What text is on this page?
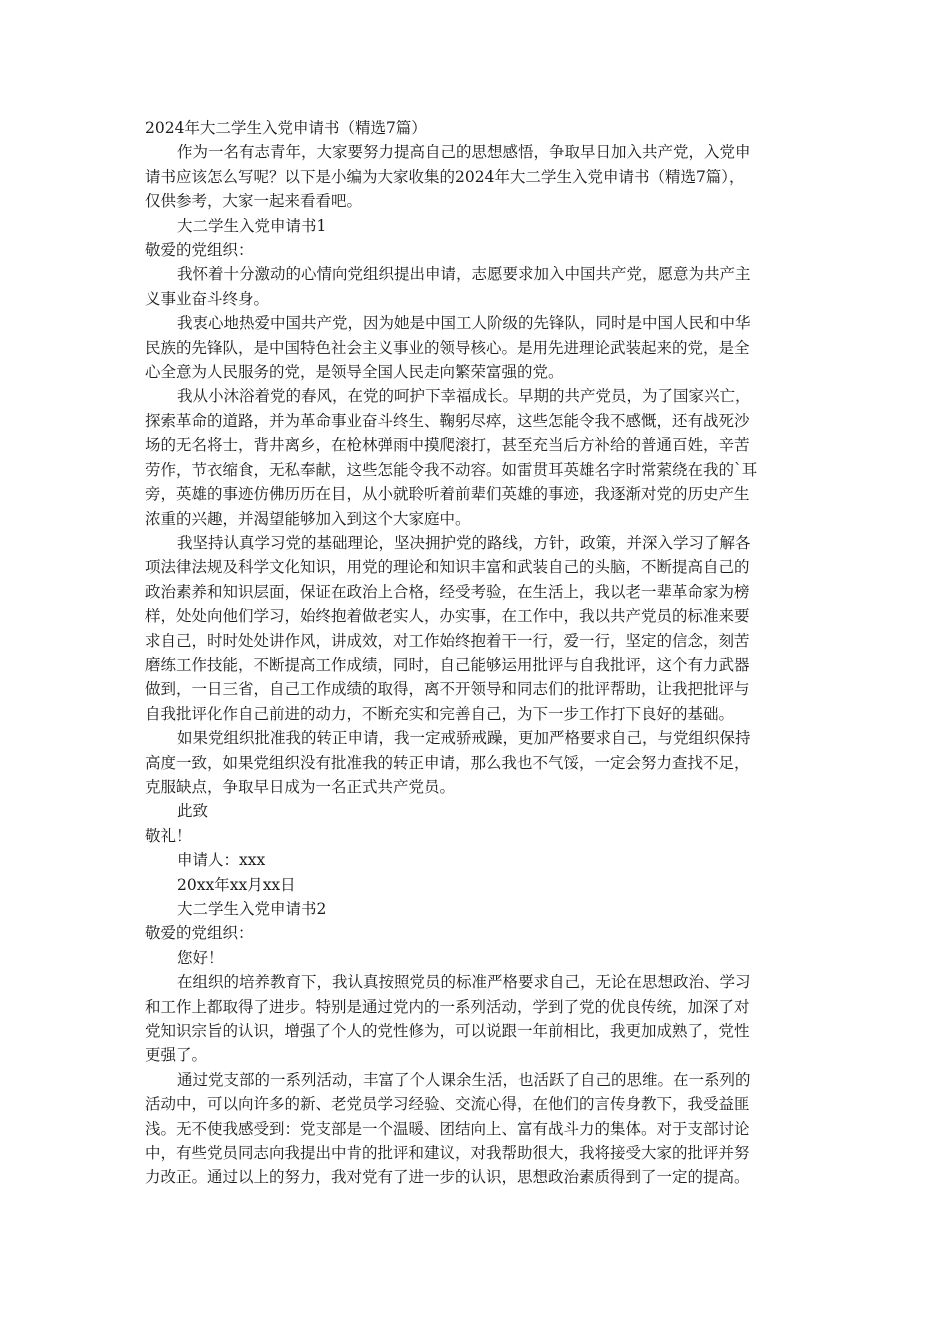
2024年大二学生入党申请书（精选7篇）

作为一名有志青年，大家要努力提高自己的思想感悟，争取早日加入共产党，入党申

请书应该怎么写呢？以下是小编为大家收集的2024年大二学生入党申请书（精选7篇），

仅供参考，大家一起来看看吧。

大二学生入党申请书1

敬爱的党组织：

我怀着十分激动的心情向党组织提出申请，志愿要求加入中国共产党，愿意为共产主

义事业奋斗终身。

我衷心地热爱中国共产党，因为她是中国工人阶级的先锋队，同时是中国人民和中华

民族的先锋队，是中国特色社会主义事业的领导核心。是用先进理论武装起来的党，是全

心全意为人民服务的党，是领导全国人民走向繁荣富强的党。

我从小沐浴着党的春风，在党的呵护下幸福成长。早期的共产党员，为了国家兴亡，

探索革命的道路，并为革命事业奋斗终生、鞠躬尽瘁，这些怎能令我不感慨，还有战死沙

场的无名将士，背井离乡，在枪林弹雨中摸爬滚打，甚至充当后方补给的普通百姓，辛苦

劳作，节衣缩食，无私奉献，这些怎能令我不动容。如雷贯耳英雄名字时常萦绕在我的`耳

旁，英雄的事迹仿佛历历在目，从小就聆听着前辈们英雄的事迹，我逐渐对党的历史产生

浓重的兴趣，并渴望能够加入到这个大家庭中。

我坚持认真学习党的基础理论，坚决拥护党的路线，方针，政策，并深入学习了解各

项法律法规及科学文化知识，用党的理论和知识丰富和武装自己的头脑，不断提高自己的

政治素养和知识层面，保证在政治上合格，经受考验，在生活上，我以老一辈革命家为榜

样，处处向他们学习，始终抱着做老实人，办实事，在工作中，我以共产党员的标准来要

求自己，时时处处讲作风，讲成效，对工作始终抱着干一行，爱一行，坚定的信念，刻苦

磨练工作技能，不断提高工作成绩，同时，自己能够运用批评与自我批评，这个有力武器

做到，一日三省，自己工作成绩的取得，离不开领导和同志们的批评帮助，让我把批评与

自我批评化作自己前进的动力，不断充实和完善自己，为下一步工作打下良好的基础。

如果党组织批准我的转正申请，我一定戒骄戒躁，更加严格要求自己，与党组织保持

高度一致，如果党组织没有批准我的转正申请，那么我也不气馁，一定会努力查找不足，

克服缺点，争取早日成为一名正式共产党员。

此致

敬礼！

申请人：xxx

20xx年xx月xx日

大二学生入党申请书2

敬爱的党组织：

您好！

在组织的培养教育下，我认真按照党员的标准严格要求自己，无论在思想政治、学习

和工作上都取得了进步。特别是通过党内的一系列活动，学到了党的优良传统，加深了对

党知识宗旨的认识，增强了个人的党性修为，可以说跟一年前相比，我更加成熟了，党性

更强了。

通过党支部的一系列活动，丰富了个人课余生活，也活跃了自己的思维。在一系列的

活动中，可以向许多的新、老党员学习经验、交流心得，在他们的言传身教下，我受益匪

浅。无不使我感受到：党支部是一个温暖、团结向上、富有战斗力的集体。对于支部讨论

中，有些党员同志向我提出中肯的批评和建议，对我帮助很大，我将接受大家的批评并努

力改正。通过以上的努力，我对党有了进一步的认识，思想政治素质得到了一定的提高。
